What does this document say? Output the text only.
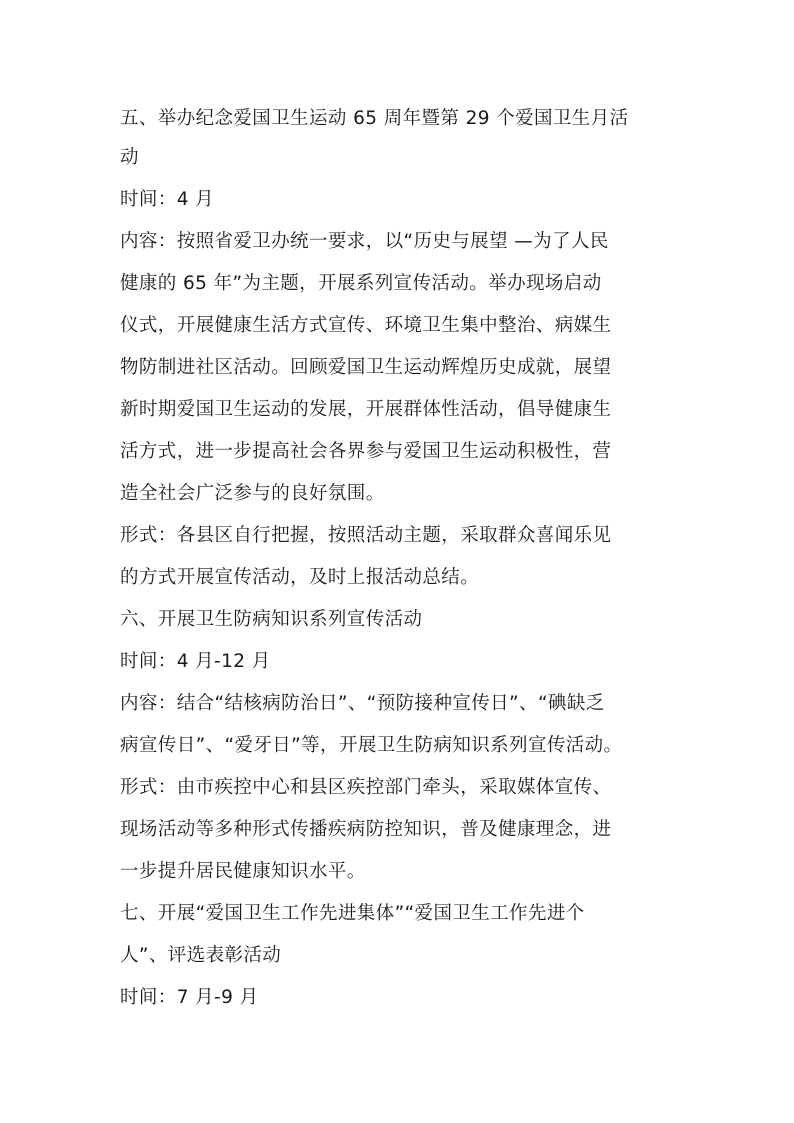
五、举办纪念爱国卫生运动 65 周年暨第 29 个爱国卫生月活
动
时间：4 月
内容：按照省爱卫办统一要求，以“历史与展望 —为了人民
健康的 65 年”为主题，开展系列宣传活动。举办现场启动
仪式，开展健康生活方式宣传、环境卫生集中整治、病媒生
物防制进社区活动。回顾爱国卫生运动辉煌历史成就，展望
新时期爱国卫生运动的发展，开展群体性活动，倡导健康生
活方式，进一步提高社会各界参与爱国卫生运动积极性，营
造全社会广泛参与的良好氛围。
形式：各县区自行把握，按照活动主题，采取群众喜闻乐见
的方式开展宣传活动，及时上报活动总结。
六、开展卫生防病知识系列宣传活动
时间：4 月-12 月
内容：结合“结核病防治日”、“预防接种宣传日”、“碘缺乏
病宣传日”、“爱牙日”等，开展卫生防病知识系列宣传活动。
形式：由市疾控中心和县区疾控部门牵头，采取媒体宣传、
现场活动等多种形式传播疾病防控知识，普及健康理念，进
一步提升居民健康知识水平。
七、开展“爱国卫生工作先进集体”“爱国卫生工作先进个
人”、评选表彰活动
时间：7 月-9 月
